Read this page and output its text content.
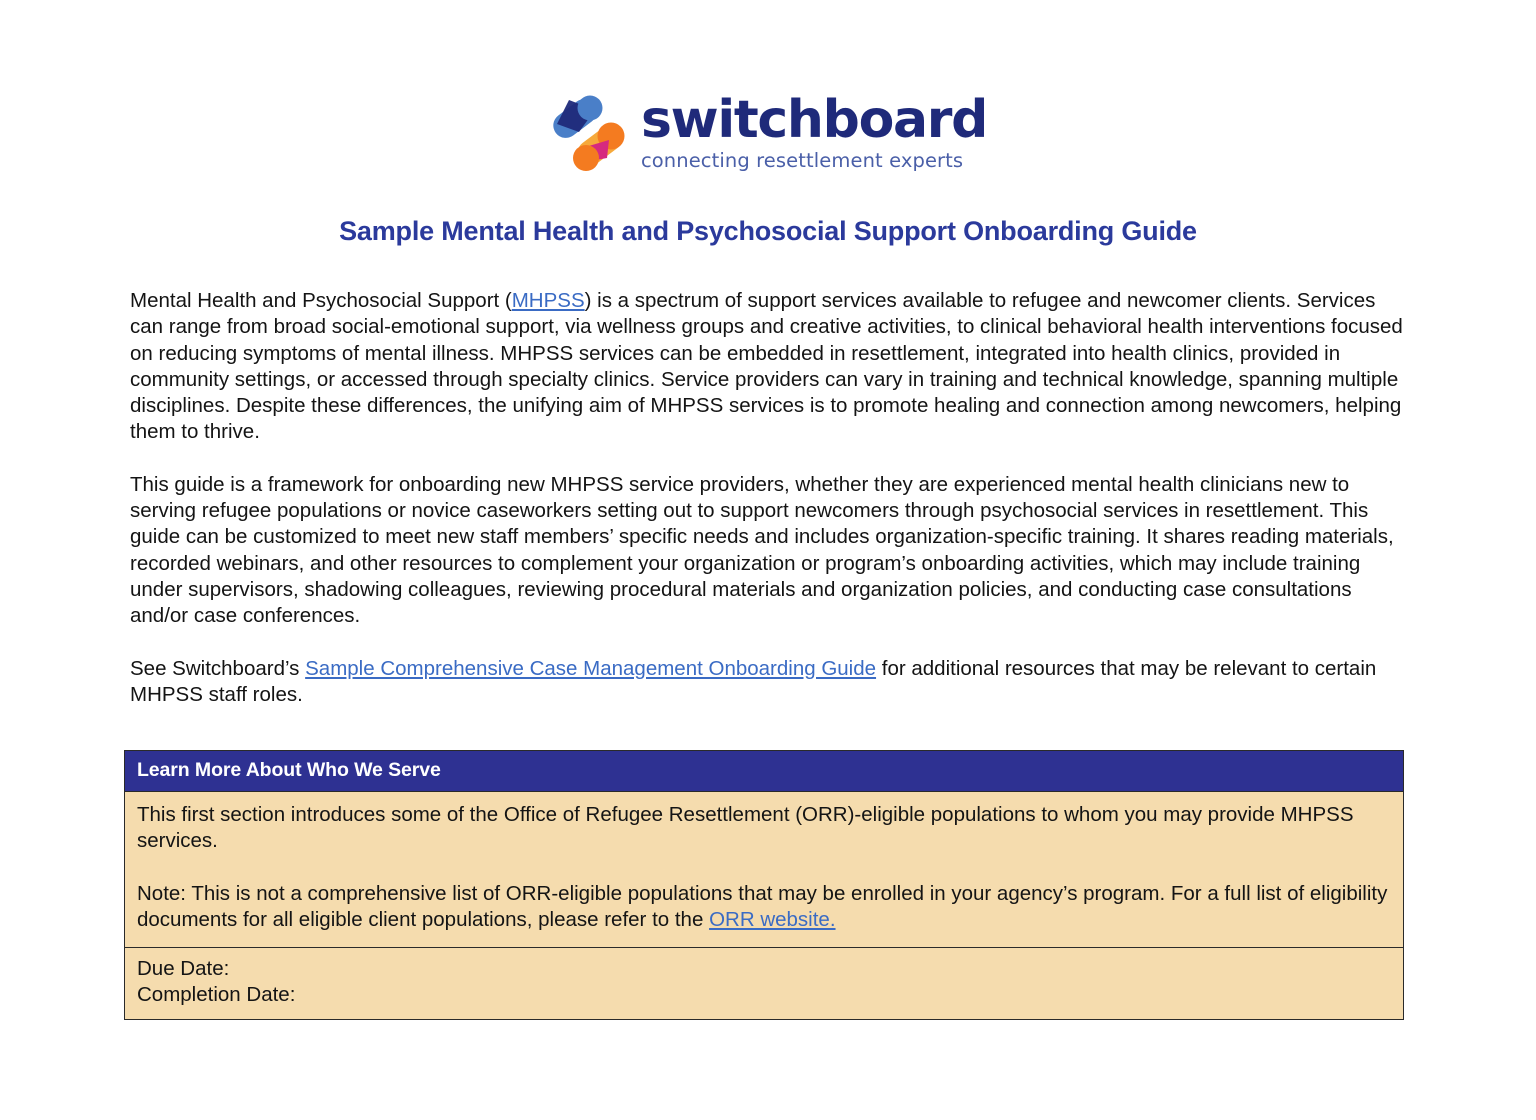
switchboard
connecting resettlement experts
Sample Mental Health and Psychosocial Support Onboarding Guide

Mental Health and Psychosocial Support (MHPSS) is a spectrum of support services available to refugee and newcomer clients. Services can range from broad social-emotional support, via wellness groups and creative activities, to clinical behavioral health interventions focused on reducing symptoms of mental illness. MHPSS services can be embedded in resettlement, integrated into health clinics, provided in community settings, or accessed through specialty clinics. Service providers can vary in training and technical knowledge, spanning multiple disciplines. Despite these differences, the unifying aim of MHPSS services is to promote healing and connection among newcomers, helping them to thrive.

This guide is a framework for onboarding new MHPSS service providers, whether they are experienced mental health clinicians new to serving refugee populations or novice caseworkers setting out to support newcomers through psychosocial services in resettlement. This guide can be customized to meet new staff members’ specific needs and includes organization-specific training. It shares reading materials, recorded webinars, and other resources to complement your organization or program’s onboarding activities, which may include training under supervisors, shadowing colleagues, reviewing procedural materials and organization policies, and conducting case consultations and/or case conferences.

See Switchboard’s Sample Comprehensive Case Management Onboarding Guide for additional resources that may be relevant to certain MHPSS staff roles.

Learn More About Who We Serve

This first section introduces some of the Office of Refugee Resettlement (ORR)-eligible populations to whom you may provide MHPSS services.

Note: This is not a comprehensive list of ORR-eligible populations that may be enrolled in your agency’s program. For a full list of eligibility documents for all eligible client populations, please refer to the ORR website.

Due Date:
Completion Date:
